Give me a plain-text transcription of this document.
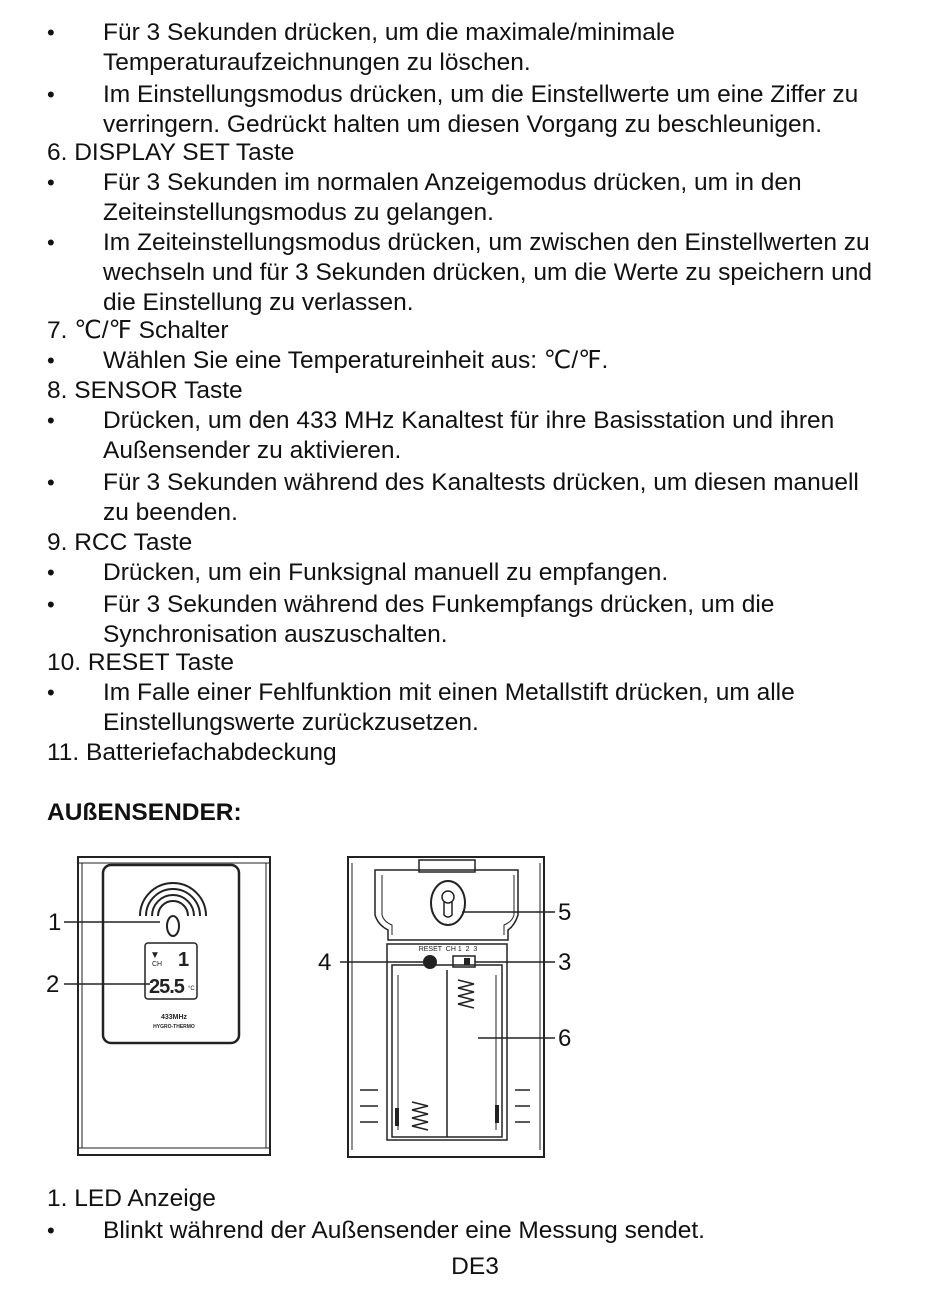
• Für 3 Sekunden drücken, um die maximale/minimale
Temperaturaufzeichnungen zu löschen.
• Im Einstellungsmodus drücken, um die Einstellwerte um eine Ziffer zu
verringern. Gedrückt halten um diesen Vorgang zu beschleunigen.
6. DISPLAY SET Taste
• Für 3 Sekunden im normalen Anzeigemodus drücken, um in den
Zeiteinstellungsmodus zu gelangen.
• Im Zeiteinstellungsmodus drücken, um zwischen den Einstellwerten zu
wechseln und für 3 Sekunden drücken, um die Werte zu speichern und
die Einstellung zu verlassen.
7. ℃/℉ Schalter
• Wählen Sie eine Temperatureinheit aus: ℃/℉.
8. SENSOR Taste
• Drücken, um den 433 MHz Kanaltest für ihre Basisstation und ihren
Außensender zu aktivieren.
• Für 3 Sekunden während des Kanaltests drücken, um diesen manuell
zu beenden.
9. RCC Taste
• Drücken, um ein Funksignal manuell zu empfangen.
• Für 3 Sekunden während des Funkempfangs drücken, um die
Synchronisation auszuschalten.
10. RESET Taste
• Im Falle einer Fehlfunktion mit einen Metallstift drücken, um alle
Einstellungswerte zurückzusetzen.
11. Batteriefachabdeckung
AUßENSENDER:
▼
CH 1
25.5 °C
433MHz
HYGRO-THERMO
RESET  CH 1  2  3
1
2
4
5
3
6
1. LED Anzeige
• Blinkt während der Außensender eine Messung sendet.
DE3
